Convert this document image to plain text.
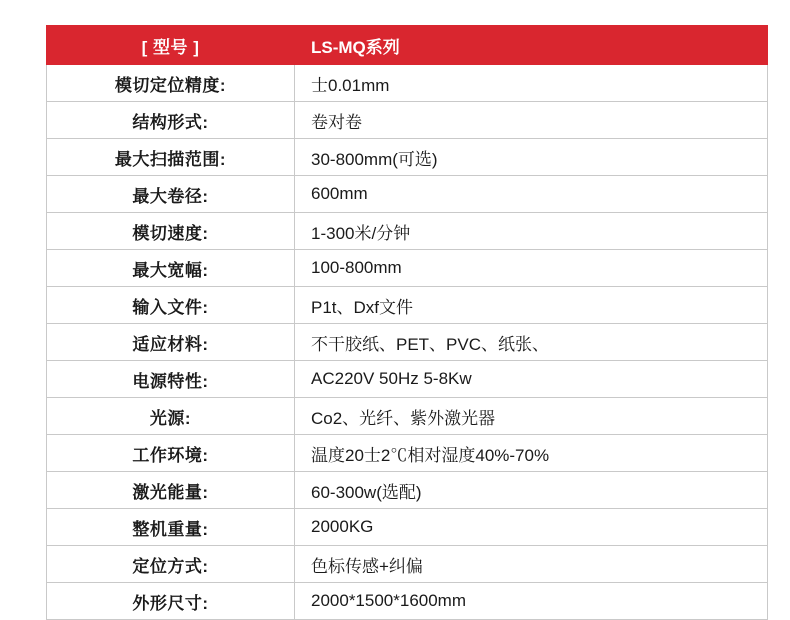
[ 型号 ]	LS-MQ系列
模切定位精度:	士0.01mm
结构形式:	卷对卷
最大扫描范围:	30-800mm(可选)
最大卷径:	600mm
模切速度:	1-300米/分钟
最大宽幅:	100-800mm
输入文件:	P1t、Dxf文件
适应材料:	不干胶纸、PET、PVC、纸张、
电源特性:	AC220V 50Hz 5-8Kw
光源:	Co2、光纤、紫外激光器
工作环境:	温度20士2℃相对湿度40%-70%
激光能量:	60-300w(选配)
整机重量:	2000KG
定位方式:	色标传感+纠偏
外形尺寸:	2000*1500*1600mm
